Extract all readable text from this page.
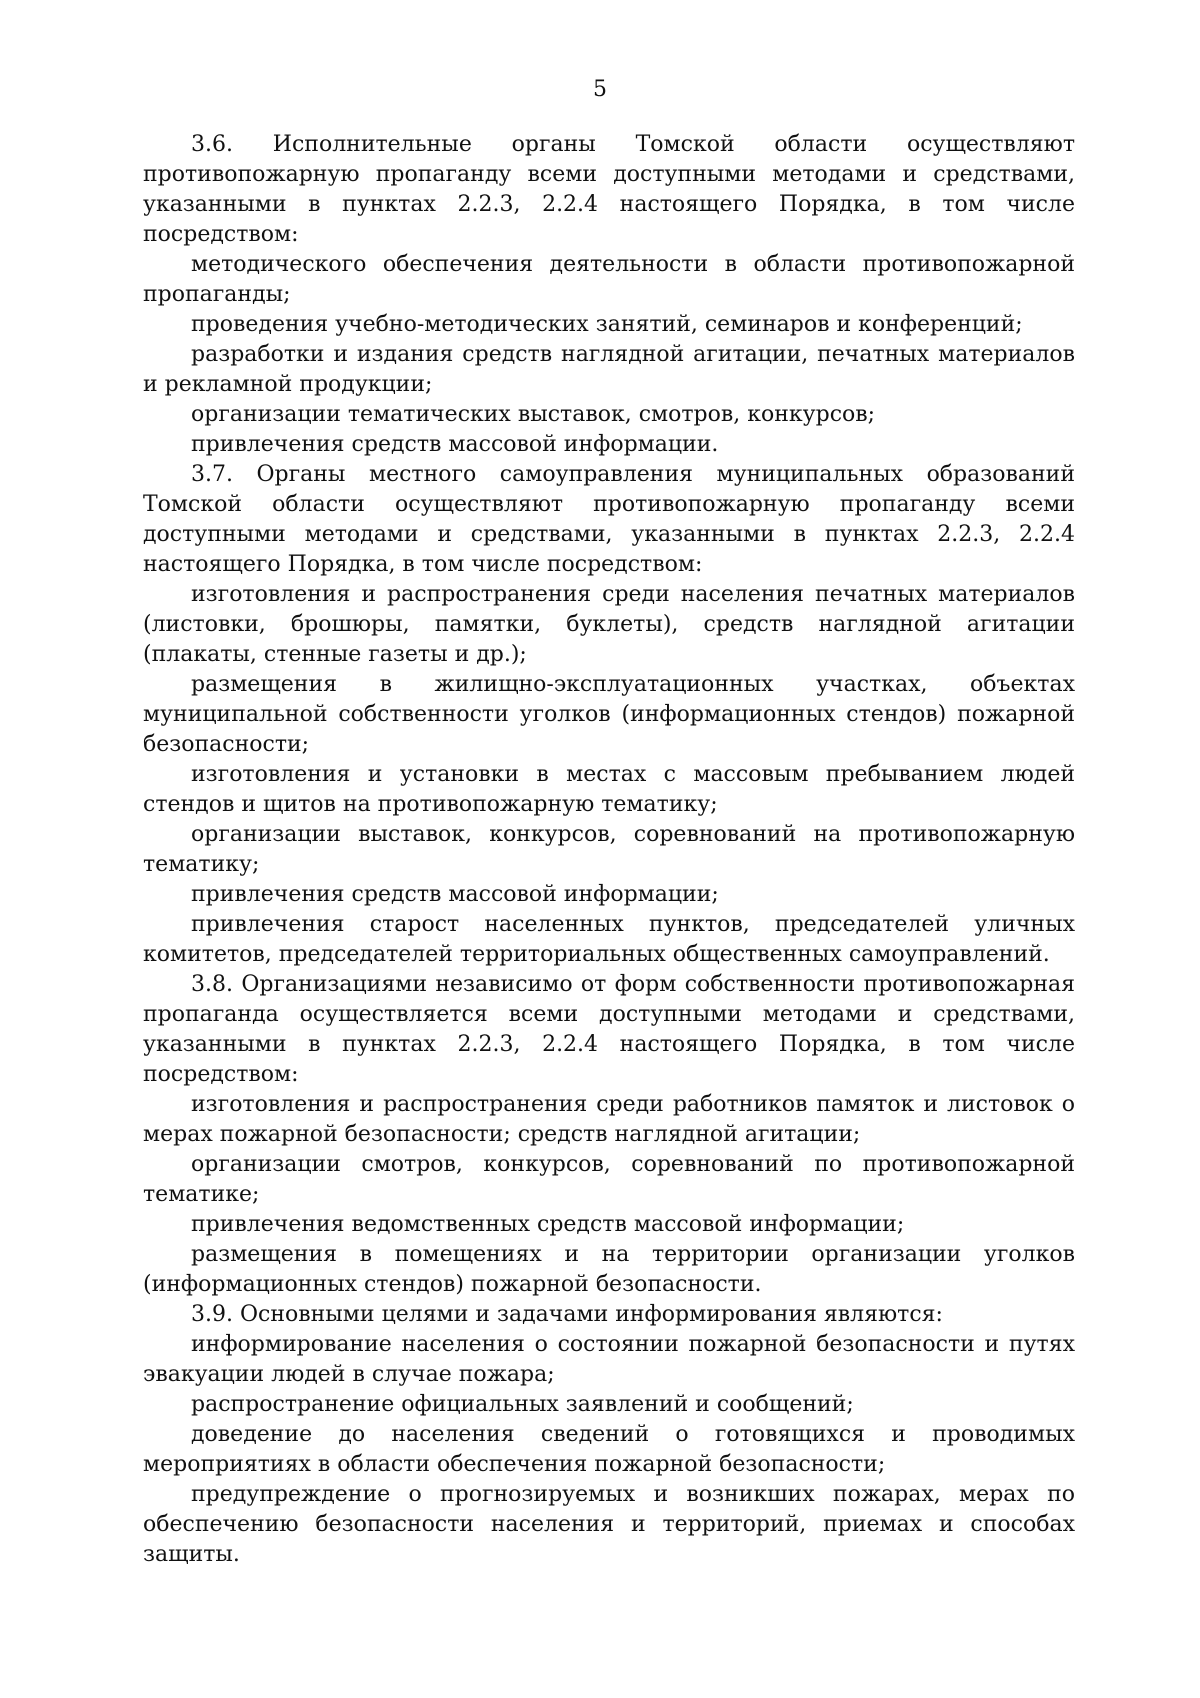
5

3.6. Исполнительные органы Томской области осуществляют противопожарную пропаганду всеми доступными методами и средствами, указанными в пунктах 2.2.3, 2.2.4 настоящего Порядка, в том числе посредством:

методического обеспечения деятельности в области противопожарной пропаганды;

проведения учебно-методических занятий, семинаров и конференций;

разработки и издания средств наглядной агитации, печатных материалов и рекламной продукции;

организации тематических выставок, смотров, конкурсов;

привлечения средств массовой информации.

3.7. Органы местного самоуправления муниципальных образований Томской области осуществляют противопожарную пропаганду всеми доступными методами и средствами, указанными в пунктах 2.2.3, 2.2.4 настоящего Порядка, в том числе посредством:

изготовления и распространения среди населения печатных материалов (листовки, брошюры, памятки, буклеты), средств наглядной агитации (плакаты, стенные газеты и др.);

размещения в жилищно-эксплуатационных участках, объектах муниципальной собственности уголков (информационных стендов) пожарной безопасности;

изготовления и установки в местах с массовым пребыванием людей стендов и щитов на противопожарную тематику;

организации выставок, конкурсов, соревнований на противопожарную тематику;

привлечения средств массовой информации;

привлечения старост населенных пунктов, председателей уличных комитетов, председателей территориальных общественных самоуправлений.

3.8. Организациями независимо от форм собственности противопожарная пропаганда осуществляется всеми доступными методами и средствами, указанными в пунктах 2.2.3, 2.2.4 настоящего Порядка, в том числе посредством:

изготовления и распространения среди работников памяток и листовок о мерах пожарной безопасности; средств наглядной агитации;

организации смотров, конкурсов, соревнований по противопожарной тематике;

привлечения ведомственных средств массовой информации;

размещения в помещениях и на территории организации уголков (информационных стендов) пожарной безопасности.

3.9. Основными целями и задачами информирования являются:

информирование населения о состоянии пожарной безопасности и путях эвакуации людей в случае пожара;

распространение официальных заявлений и сообщений;

доведение до населения сведений о готовящихся и проводимых мероприятиях в области обеспечения пожарной безопасности;

предупреждение о прогнозируемых и возникших пожарах, мерах по обеспечению безопасности населения и территорий, приемах и способах защиты.
